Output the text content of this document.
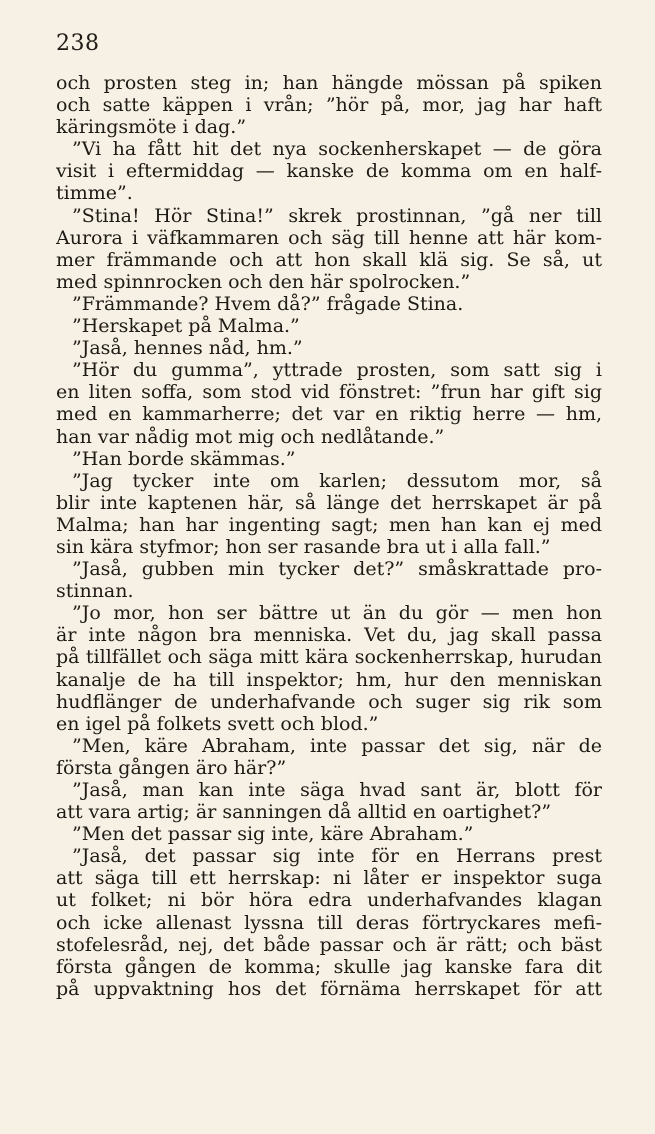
238
och prosten steg in; han hängde mössan på spiken
och satte käppen i vrån; ”hör på, mor, jag har haft
käringsmöte i dag.”
”Vi ha fått hit det nya sockenherskapet — de göra
visit i eftermiddag — kanske de komma om en half-
timme”.
”Stina! Hör Stina!” skrek prostinnan, ”gå ner till
Aurora i väfkammaren och säg till henne att här kom-
mer främmande och att hon skall klä sig. Se så, ut
med spinnrocken och den här spolrocken.”
”Främmande? Hvem då?” frågade Stina.
”Herskapet på Malma.”
”Jaså, hennes nåd, hm.”
”Hör du gumma”, yttrade prosten, som satt sig i
en liten soffa, som stod vid fönstret: ”frun har gift sig
med en kammarherre; det var en riktig herre — hm,
han var nådig mot mig och nedlåtande.”
”Han borde skämmas.”
”Jag tycker inte om karlen; dessutom mor, så
blir inte kaptenen här, så länge det herrskapet är på
Malma; han har ingenting sagt; men han kan ej med
sin kära styfmor; hon ser rasande bra ut i alla fall.”
”Jaså, gubben min tycker det?” småskrattade pro-
stinnan.
”Jo mor, hon ser bättre ut än du gör — men hon
är inte någon bra menniska. Vet du, jag skall passa
på tillfället och säga mitt kära sockenherrskap, hurudan
kanalje de ha till inspektor; hm, hur den menniskan
hudflänger de underhafvande och suger sig rik som
en igel på folkets svett och blod.”
”Men, käre Abraham, inte passar det sig, när de
första gången äro här?”
”Jaså, man kan inte säga hvad sant är, blott för
att vara artig; är sanningen då alltid en oartighet?”
”Men det passar sig inte, käre Abraham.”
”Jaså, det passar sig inte för en Herrans prest
att säga till ett herrskap: ni låter er inspektor suga
ut folket; ni bör höra edra underhafvandes klagan
och icke allenast lyssna till deras förtryckares mefi-
stofelesråd, nej, det både passar och är rätt; och bäst
första gången de komma; skulle jag kanske fara dit
på uppvaktning hos det förnäma herrskapet för att
